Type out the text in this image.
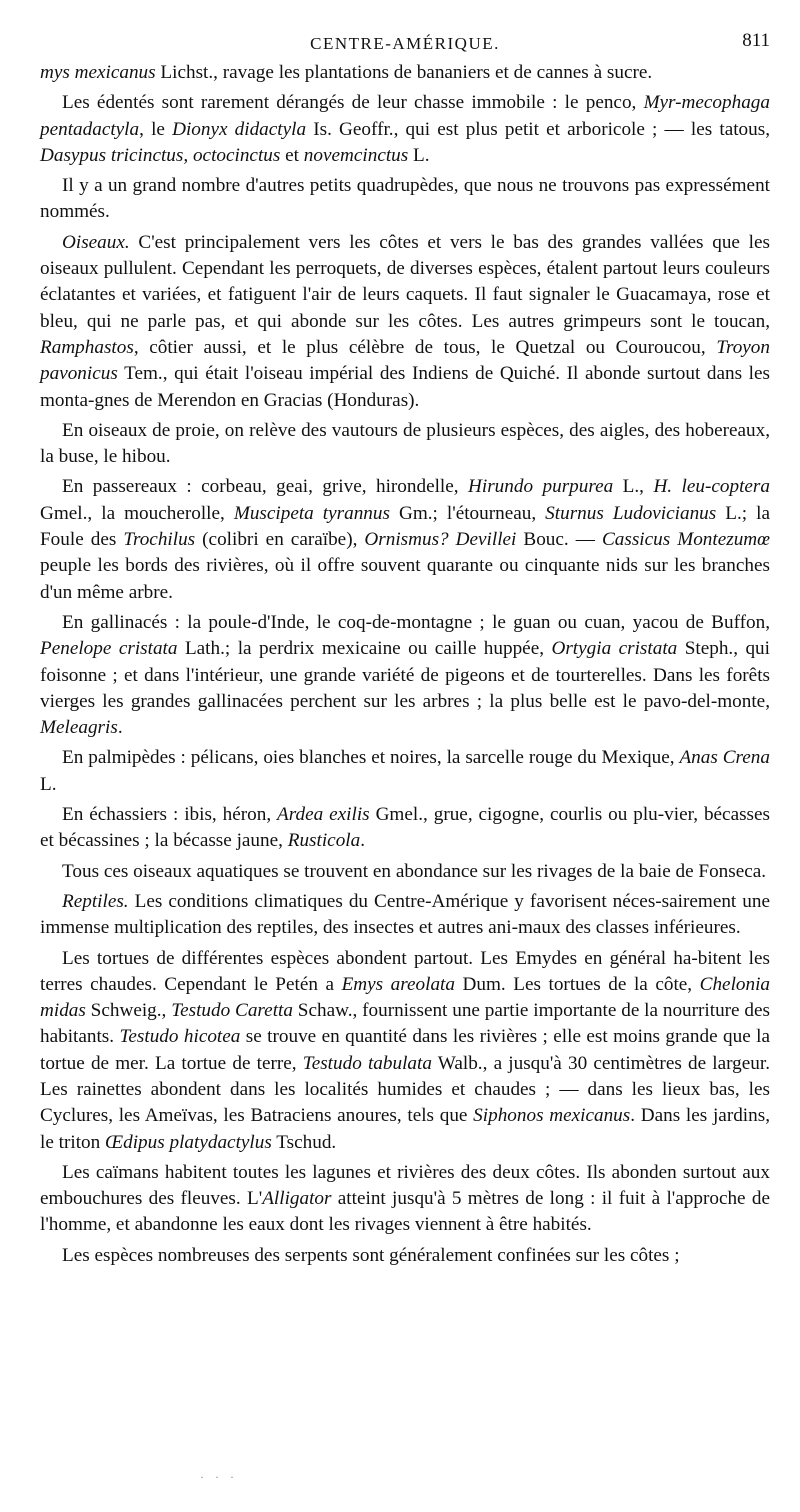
CENTRE-AMÉRIQUE.	811

mys mexicanus Lichst., ravage les plantations de bananiers et de cannes à sucre.

Les édentés sont rarement dérangés de leur chasse immobile : le penco, Myr-mecophaga pentadactyla, le Dionyx didactyla Is. Geoffr., qui est plus petit et arboricole ; — les tatous, Dasypus tricinctus, octocinctus et novemcinctus L.

Il y a un grand nombre d'autres petits quadrupèdes, que nous ne trouvons pas expressément nommés.

Oiseaux. C'est principalement vers les côtes et vers le bas des grandes vallées que les oiseaux pullulent. Cependant les perroquets, de diverses espèces, étalent partout leurs couleurs éclatantes et variées, et fatiguent l'air de leurs caquets. Il faut signaler le Guacamaya, rose et bleu, qui ne parle pas, et qui abonde sur les côtes. Les autres grimpeurs sont le toucan, Ramphastos, côtier aussi, et le plus célèbre de tous, le Quetzal ou Couroucou, Troyon pavonicus Tem., qui était l'oiseau impérial des Indiens de Quiché. Il abonde surtout dans les monta-gnes de Merendon en Gracias (Honduras).

En oiseaux de proie, on relève des vautours de plusieurs espèces, des aigles, des hobereaux, la buse, le hibou.

En passereaux : corbeau, geai, grive, hirondelle, Hirundo purpurea L., H. leu-coptera Gmel., la moucherolle, Muscipeta tyrannus Gm.; l'étourneau, Sturnus Ludovicianus L.; la Foule des Trochilus (colibri en caraïbe), Ornismus? Devillei Bouc. — Cassicus Montezumœ peuple les bords des rivières, où il offre souvent quarante ou cinquante nids sur les branches d'un même arbre.

En gallinacés : la poule-d'Inde, le coq-de-montagne ; le guan ou cuan, yacou de Buffon, Penelope cristata Lath.; la perdrix mexicaine ou caille huppée, Ortygia cristata Steph., qui foisonne ; et dans l'intérieur, une grande variété de pigeons et de tourterelles. Dans les forêts vierges les grandes gallinacées perchent sur les arbres ; la plus belle est le pavo-del-monte, Meleagris.

En palmipèdes : pélicans, oies blanches et noires, la sarcelle rouge du Mexique, Anas Crena L.

En échassiers : ibis, héron, Ardea exilis Gmel., grue, cigogne, courlis ou plu-vier, bécasses et bécassines ; la bécasse jaune, Rusticola.

Tous ces oiseaux aquatiques se trouvent en abondance sur les rivages de la baie de Fonseca.

Reptiles. Les conditions climatiques du Centre-Amérique y favorisent néces-sairement une immense multiplication des reptiles, des insectes et autres ani-maux des classes inférieures.

Les tortues de différentes espèces abondent partout. Les Emydes en général ha-bitent les terres chaudes. Cependant le Petén a Emys areolata Dum. Les tortues de la côte, Chelonia midas Schweig., Testudo Caretta Schaw., fournissent une partie importante de la nourriture des habitants. Testudo hicotea se trouve en quantité dans les rivières ; elle est moins grande que la tortue de mer. La tortue de terre, Testudo tabulata Walb., a jusqu'à 30 centimètres de largeur. Les rainettes abondent dans les localités humides et chaudes ; — dans les lieux bas, les Cyclures, les Ameïvas, les Batraciens anoures, tels que Siphonos mexicanus. Dans les jardins, le triton Œdipus platydactylus Tschud.

Les caïmans habitent toutes les lagunes et rivières des deux côtes. Ils abonden surtout aux embouchures des fleuves. L'Alligator atteint jusqu'à 5 mètres de long : il fuit à l'approche de l'homme, et abandonne les eaux dont les rivages viennent à être habités.

Les espèces nombreuses des serpents sont généralement confinées sur les côtes ;

· · ·
